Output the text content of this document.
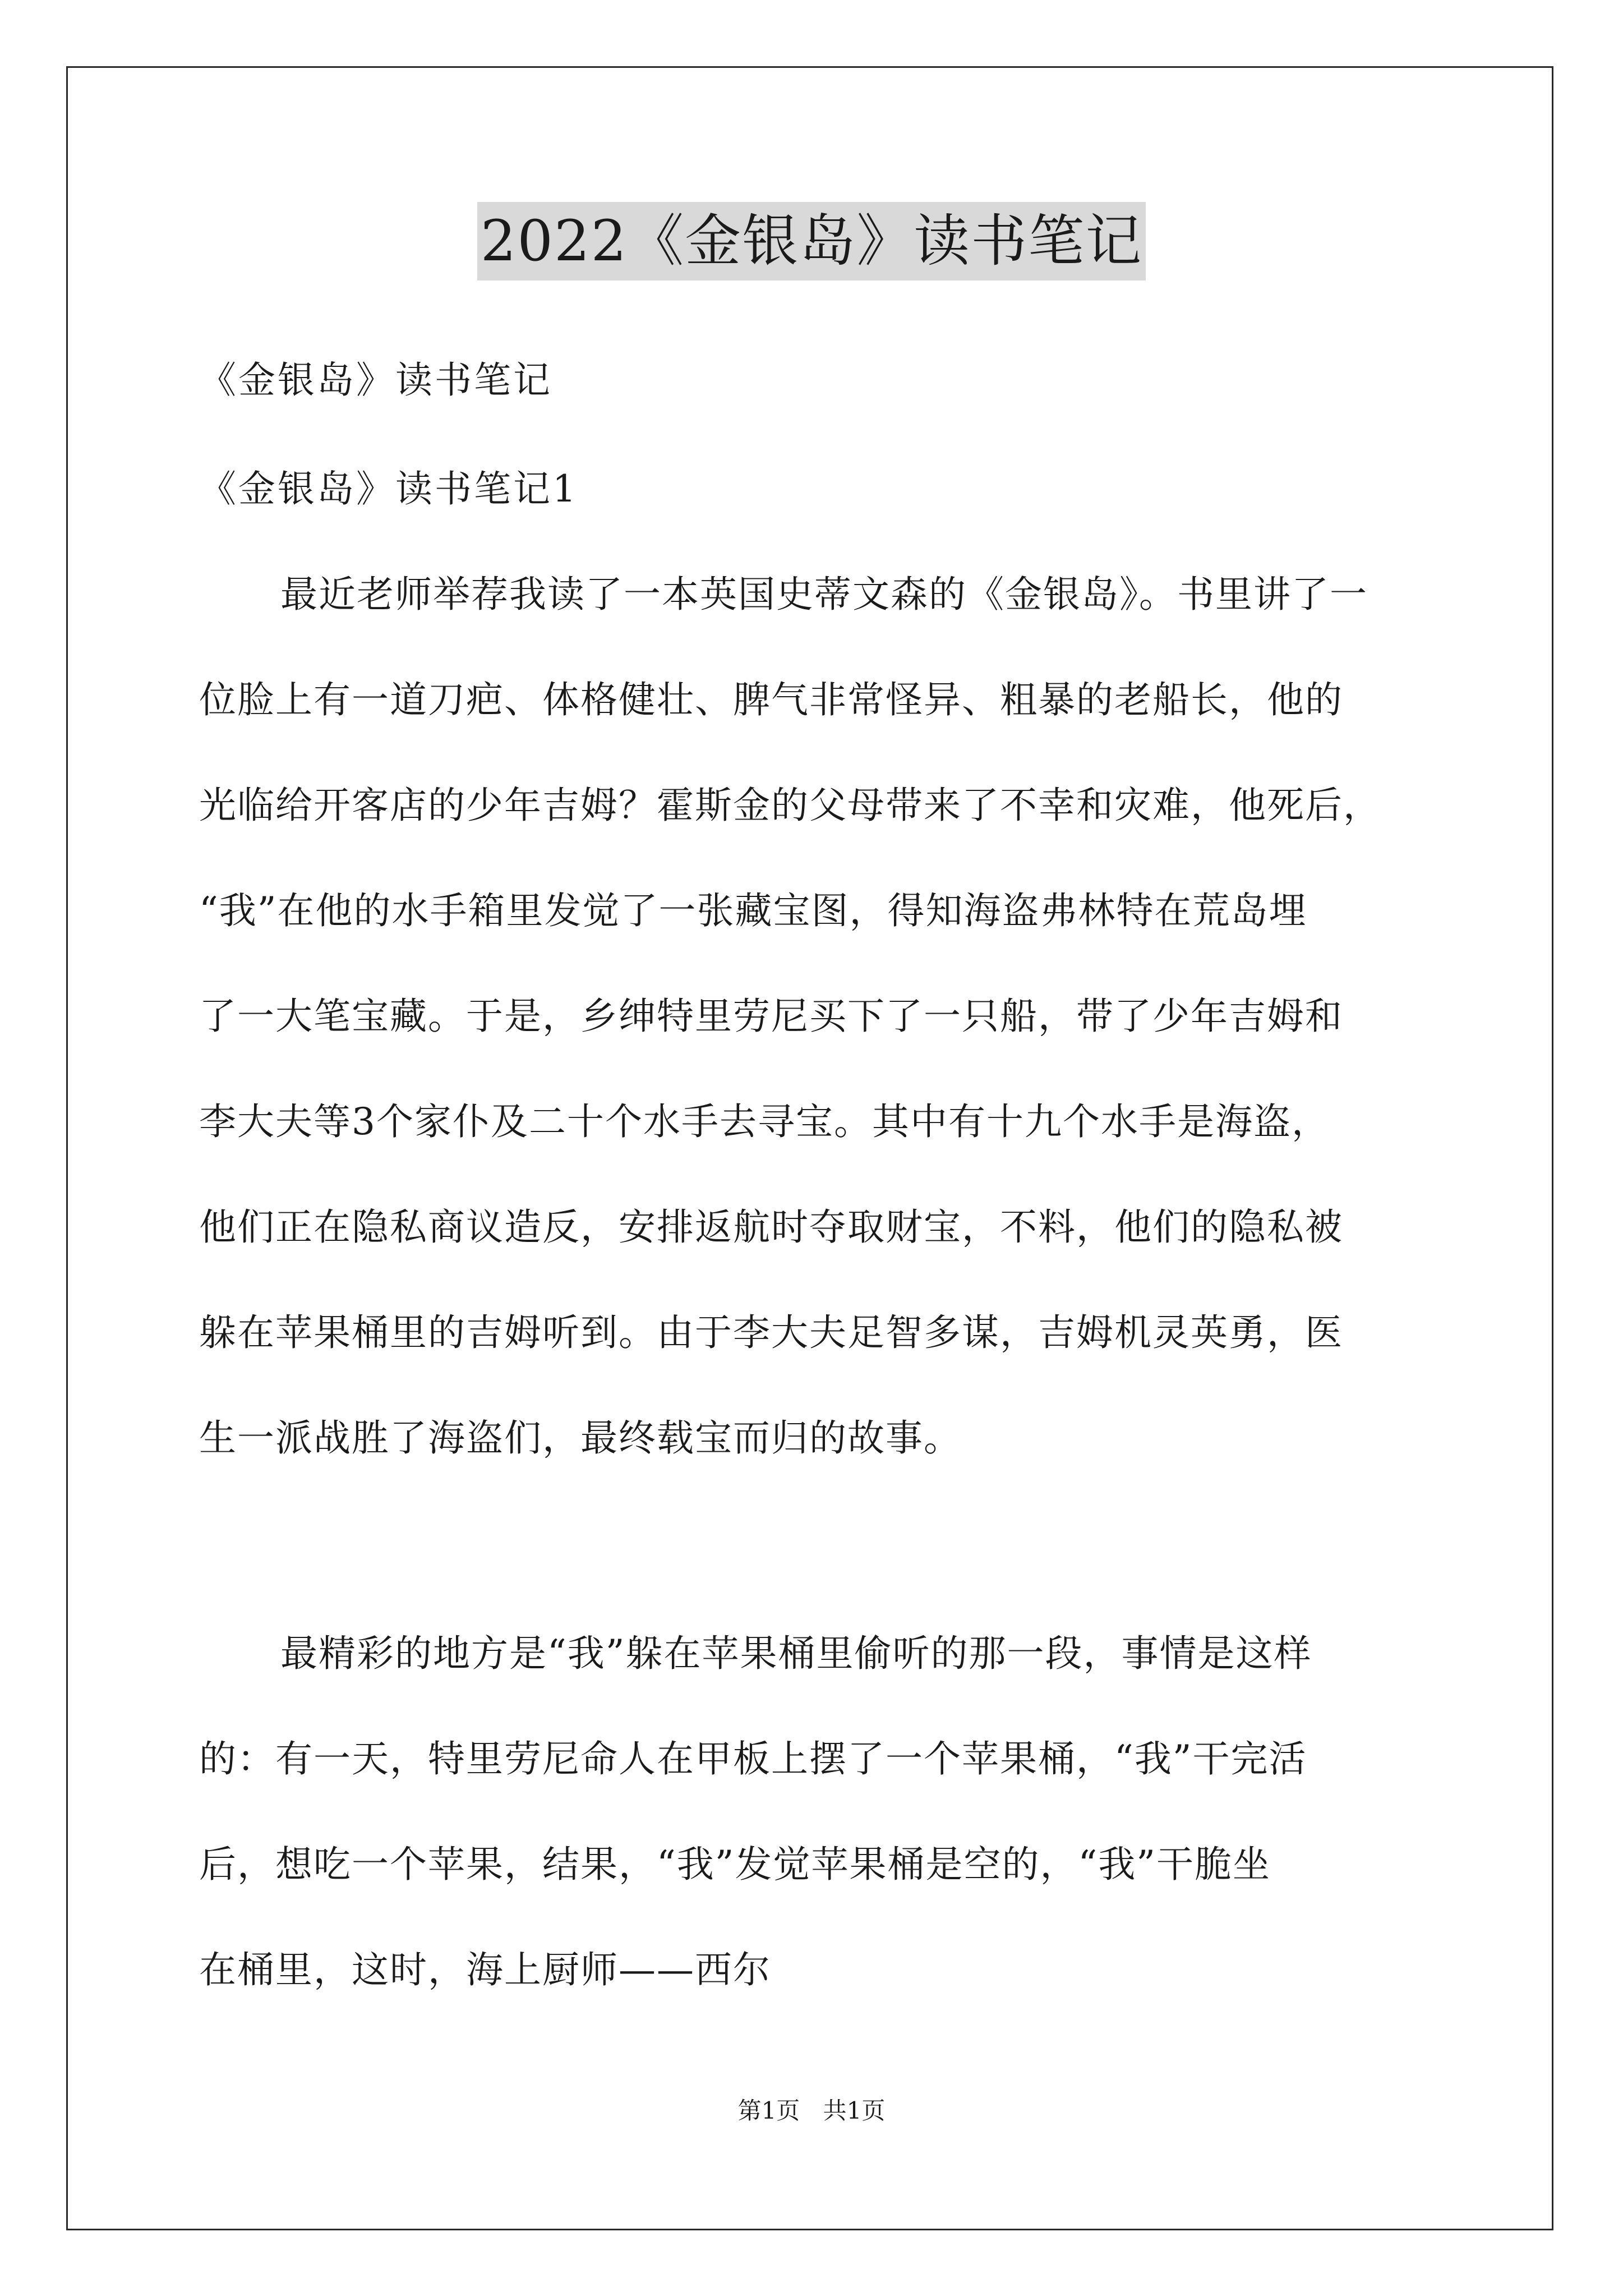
2022《金银岛》读书笔记
《金银岛》读书笔记
《金银岛》读书笔记1
最近老师举荐我读了一本英国史蒂文森的《金银岛》。书里讲了一
位脸上有一道刀疤、体格健壮、脾气非常怪异、粗暴的老船长，他的
光临给开客店的少年吉姆？霍斯金的父母带来了不幸和灾难，他死后，
“我”在他的水手箱里发觉了一张藏宝图，得知海盗弗林特在荒岛埋
了一大笔宝藏。于是，乡绅特里劳尼买下了一只船，带了少年吉姆和
李大夫等3个家仆及二十个水手去寻宝。其中有十九个水手是海盗，
他们正在隐私商议造反，安排返航时夺取财宝，不料，他们的隐私被
躲在苹果桶里的吉姆听到。由于李大夫足智多谋，吉姆机灵英勇，医
生一派战胜了海盗们，最终载宝而归的故事。
最精彩的地方是“我”躲在苹果桶里偷听的那一段，事情是这样
的：有一天，特里劳尼命人在甲板上摆了一个苹果桶，“我”干完活
后，想吃一个苹果，结果，“我”发觉苹果桶是空的，“我”干脆坐
在桶里，这时，海上厨师——西尔
第1页 共1页
